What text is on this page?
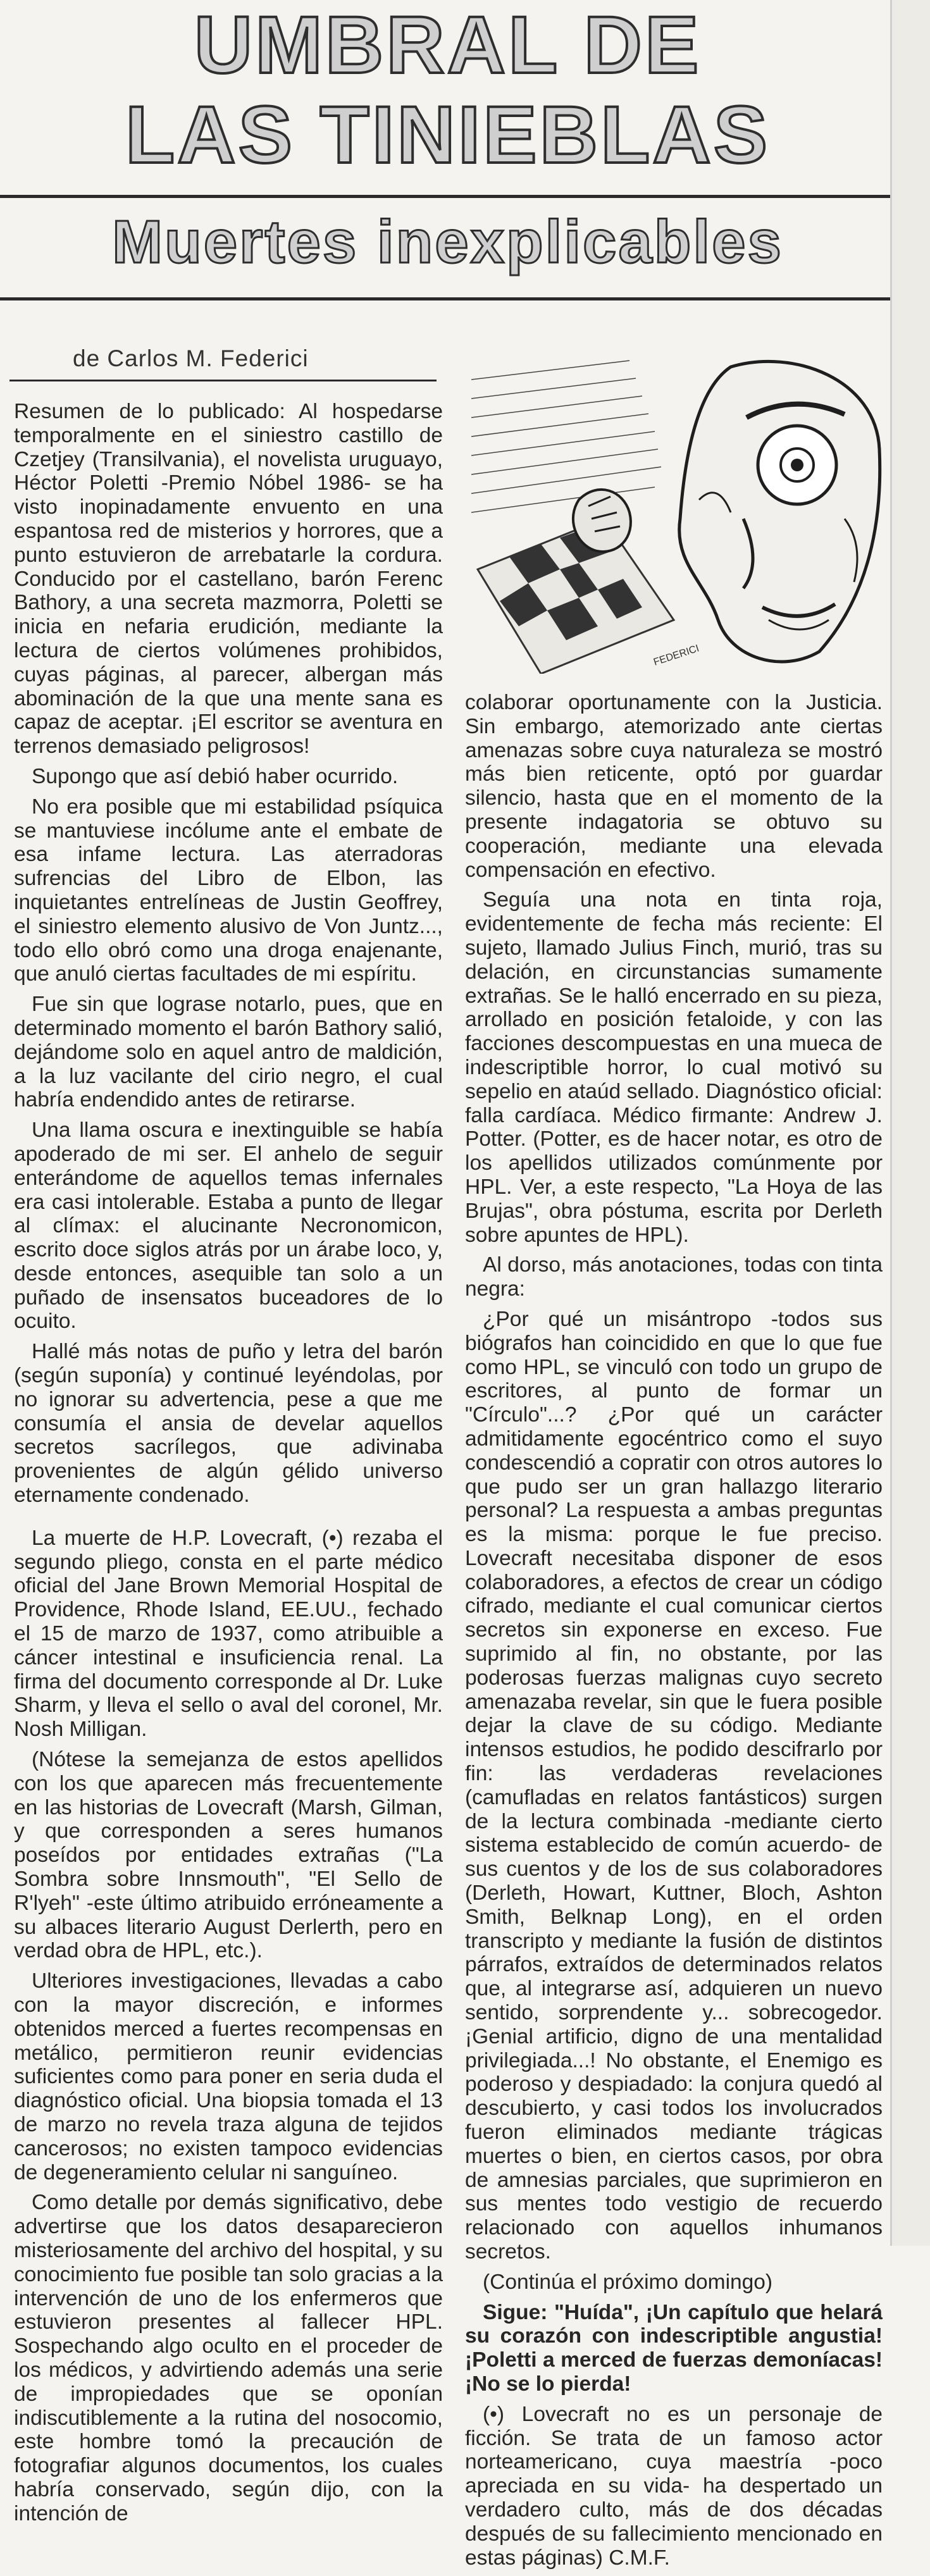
UMBRAL DE
LAS TINIEBLAS
Muertes inexplicables
de Carlos M. Federici
FEDERICI

Resumen de lo publicado: Al hospedarse temporalmente en el siniestro castillo de Czetjey (Transilvania), el novelista uruguayo, Héctor Poletti -Premio Nóbel 1986- se ha visto inopinadamente envuento en una espantosa red de misterios y horrores, que a punto estuvieron de arrebatarle la cordura. Conducido por el castellano, barón Ferenc Bathory, a una secreta mazmorra, Poletti se inicia en nefaria erudición, mediante la lectura de ciertos volúmenes prohibidos, cuyas páginas, al parecer, albergan más abominación de la que una mente sana es capaz de aceptar. ¡El escritor se aventura en terrenos demasiado peligrosos!

Supongo que así debió haber ocurrido.

No era posible que mi estabilidad psíquica se mantuviese incólume ante el embate de esa infame lectura. Las aterradoras sufrencias del Libro de Elbon, las inquietantes entrelíneas de Justin Geoffrey, el siniestro elemento alusivo de Von Juntz..., todo ello obró como una droga enajenante, que anuló ciertas facultades de mi espíritu.

Fue sin que lograse notarlo, pues, que en determinado momento el barón Bathory salió, dejándome solo en aquel antro de maldición, a la luz vacilante del cirio negro, el cual habría endendido antes de retirarse.

Una llama oscura e inextinguible se había apoderado de mi ser. El anhelo de seguir enterándome de aquellos temas infernales era casi intolerable. Estaba a punto de llegar al clímax: el alucinante Necronomicon, escrito doce siglos atrás por un árabe loco, y, desde entonces, asequible tan solo a un puñado de insensatos buceadores de lo ocuito.

Hallé más notas de puño y letra del barón (según suponía) y continué leyéndolas, por no ignorar su advertencia, pese a que me consumía el ansia de develar aquellos secretos sacrílegos, que adivinaba provenientes de algún gélido universo eternamente condenado.

La muerte de H.P. Lovecraft, (•) rezaba el segundo pliego, consta en el parte médico oficial del Jane Brown Memorial Hospital de Providence, Rhode Island, EE.UU., fechado el 15 de marzo de 1937, como atribuible a cáncer intestinal e insuficiencia renal. La firma del documento corresponde al Dr. Luke Sharm, y lleva el sello o aval del coronel, Mr. Nosh Milligan.

(Nótese la semejanza de estos apellidos con los que aparecen más frecuentemente en las historias de Lovecraft (Marsh, Gilman, y que corresponden a seres humanos poseídos por entidades extrañas ("La Sombra sobre Innsmouth", "El Sello de R'lyeh" -este último atribuido erróneamente a su albaces literario August Derlerth, pero en verdad obra de HPL, etc.).

Ulteriores investigaciones, llevadas a cabo con la mayor discreción, e informes obtenidos merced a fuertes recompensas en metálico, permitieron reunir evidencias suficientes como para poner en seria duda el diagnóstico oficial. Una biopsia tomada el 13 de marzo no revela traza alguna de tejidos cancerosos; no existen tampoco evidencias de degeneramiento celular ni sanguíneo.

Como detalle por demás significativo, debe advertirse que los datos desaparecieron misteriosamente del archivo del hospital, y su conocimiento fue posible tan solo gracias a la intervención de uno de los enfermeros que estuvieron presentes al fallecer HPL. Sospechando algo oculto en el proceder de los médicos, y advirtiendo además una serie de impropiedades que se oponían indiscutiblemente a la rutina del nosocomio, este hombre tomó la precaución de fotografiar algunos documentos, los cuales habría conservado, según dijo, con la intención de

colaborar oportunamente con la Justicia. Sin embargo, atemorizado ante ciertas amenazas sobre cuya naturaleza se mostró más bien reticente, optó por guardar silencio, hasta que en el momento de la presente indagatoria se obtuvo su cooperación, mediante una elevada compensación en efectivo.

Seguía una nota en tinta roja, evidentemente de fecha más reciente: El sujeto, llamado Julius Finch, murió, tras su delación, en circunstancias sumamente extrañas. Se le halló encerrado en su pieza, arrollado en posición fetaloide, y con las facciones descompuestas en una mueca de indescriptible horror, lo cual motivó su sepelio en ataúd sellado. Diagnóstico oficial: falla cardíaca. Médico firmante: Andrew J. Potter. (Potter, es de hacer notar, es otro de los apellidos utilizados comúnmente por HPL. Ver, a este respecto, "La Hoya de las Brujas", obra póstuma, escrita por Derleth sobre apuntes de HPL).

Al dorso, más anotaciones, todas con tinta negra:

¿Por qué un misántropo -todos sus biógrafos han coincidido en que lo que fue como HPL, se vinculó con todo un grupo de escritores, al punto de formar un "Círculo"...? ¿Por qué un carácter admitidamente egocéntrico como el suyo condescendió a copratir con otros autores lo que pudo ser un gran hallazgo literario personal? La respuesta a ambas preguntas es la misma: porque le fue preciso. Lovecraft necesitaba disponer de esos colaboradores, a efectos de crear un código cifrado, mediante el cual comunicar ciertos secretos sin exponerse en exceso. Fue suprimido al fin, no obstante, por las poderosas fuerzas malignas cuyo secreto amenazaba revelar, sin que le fuera posible dejar la clave de su código. Mediante intensos estudios, he podido descifrarlo por fin: las verdaderas revelaciones (camufladas en relatos fantásticos) surgen de la lectura combinada -mediante cierto sistema establecido de común acuerdo- de sus cuentos y de los de sus colaboradores (Derleth, Howart, Kuttner, Bloch, Ashton Smith, Belknap Long), en el orden transcripto y mediante la fusión de distintos párrafos, extraídos de determinados relatos que, al integrarse así, adquieren un nuevo sentido, sorprendente y... sobrecogedor. ¡Genial artificio, digno de una mentalidad privilegiada...! No obstante, el Enemigo es poderoso y despiadado: la conjura quedó al descubierto, y casi todos los involucrados fueron eliminados mediante trágicas muertes o bien, en ciertos casos, por obra de amnesias parciales, que suprimieron en sus mentes todo vestigio de recuerdo relacionado con aquellos inhumanos secretos.

(Continúa el próximo domingo)

Sigue: "Huída", ¡Un capítulo que helará su corazón con indescriptible angustia! ¡Poletti a merced de fuerzas demoníacas! ¡No se lo pierda!

(•) Lovecraft no es un personaje de ficción. Se trata de un famoso actor norteamericano, cuya maestría -poco apreciada en su vida- ha despertado un verdadero culto, más de dos décadas después de su fallecimiento mencionado en estas páginas) C.M.F.
